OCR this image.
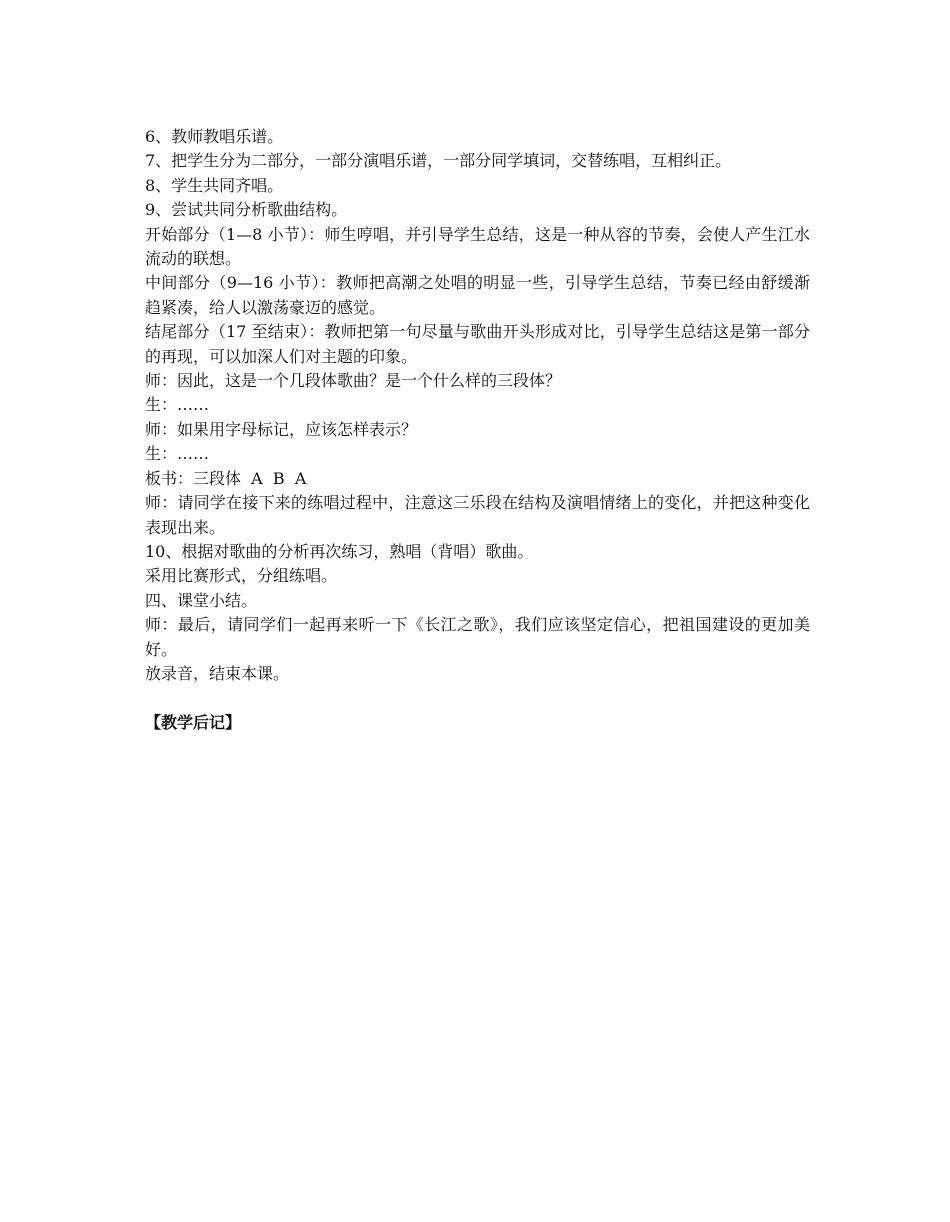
6、教师教唱乐谱。

7、把学生分为二部分，一部分演唱乐谱，一部分同学填词，交替练唱，互相纠正。

8、学生共同齐唱。

9、尝试共同分析歌曲结构。

开始部分（1—8 小节）：师生哼唱，并引导学生总结，这是一种从容的节奏，会使人产生江水流动的联想。

中间部分（9—16 小节）：教师把高潮之处唱的明显一些，引导学生总结，节奏已经由舒缓渐趋紧凑，给人以激荡豪迈的感觉。

结尾部分（17 至结束）：教师把第一句尽量与歌曲开头形成对比，引导学生总结这是第一部分的再现，可以加深人们对主题的印象。

师：因此，这是一个几段体歌曲？是一个什么样的三段体？

生：……

师：如果用字母标记，应该怎样表示？

生：……

板书：三段体  A  B  A

师：请同学在接下来的练唱过程中，注意这三乐段在结构及演唱情绪上的变化，并把这种变化表现出来。

10、根据对歌曲的分析再次练习，熟唱（背唱）歌曲。

采用比赛形式，分组练唱。

四、课堂小结。

师：最后，请同学们一起再来听一下《长江之歌》，我们应该坚定信心，把祖国建设的更加美好。

放录音，结束本课。

【教学后记】
